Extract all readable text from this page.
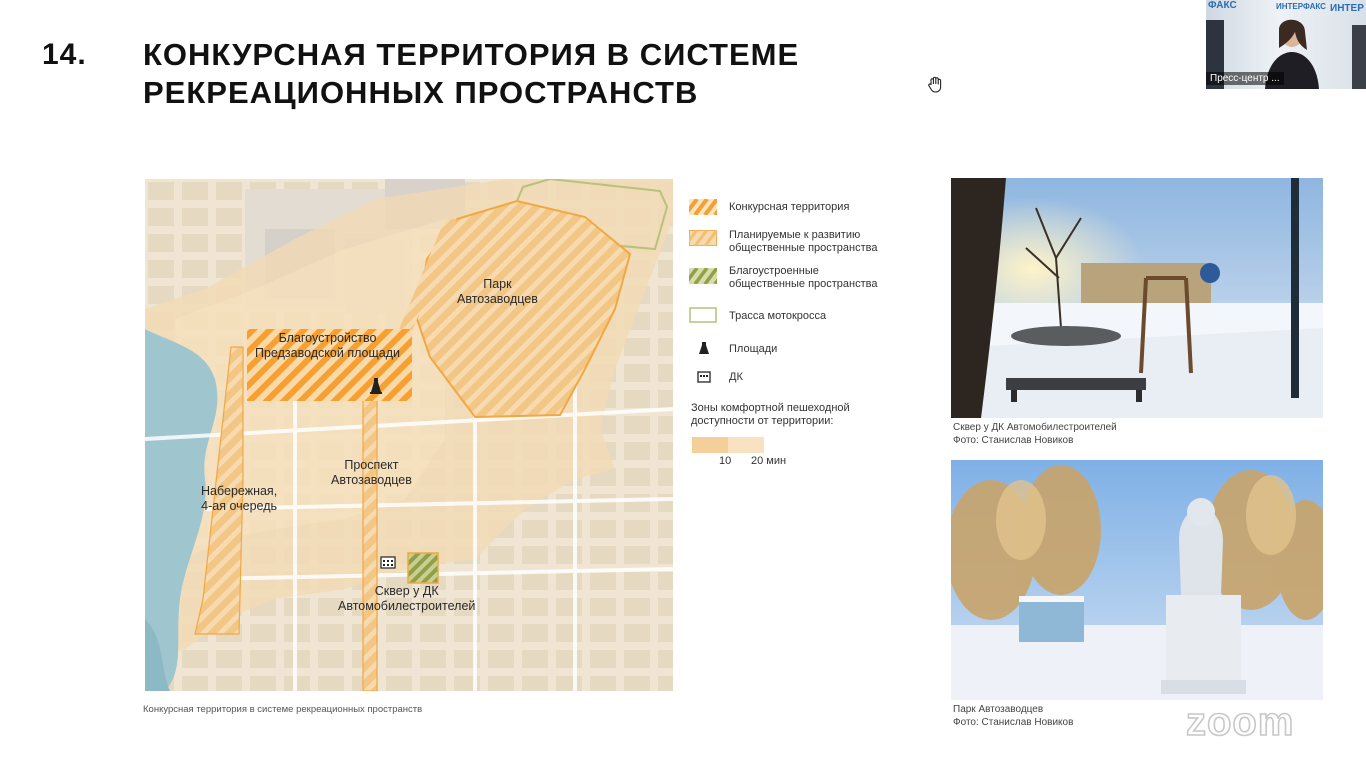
14. КОНКУРСНАЯ ТЕРРИТОРИЯ В СИСТЕМЕ
РЕКРЕАЦИОННЫХ ПРОСТРАНСТВ
ФАКС	ИНТЕРФАКС ИНТЕР
Пресс-центр ...
Парк
Автозаводцев
Благоустройство
Предзаводской площади
Проспект
Автозаводцев
Набережная,
4-ая очередь
Сквер у ДК
Автомобилестроителей
Конкурсная территория в системе рекреационных пространств
Конкурсная территория
Планируемые к развитию
общественные пространства
Благоустроенные
общественные пространства
Трасса мотокросса
Площади
ДК
Зоны комфортной пешеходной
доступности от территории:
10 20 мин
Сквер у ДК Автомобилестроителей
Фото: Станислав Новиков
Парк Автозаводцев
Фото: Станислав Новиков	zoom
